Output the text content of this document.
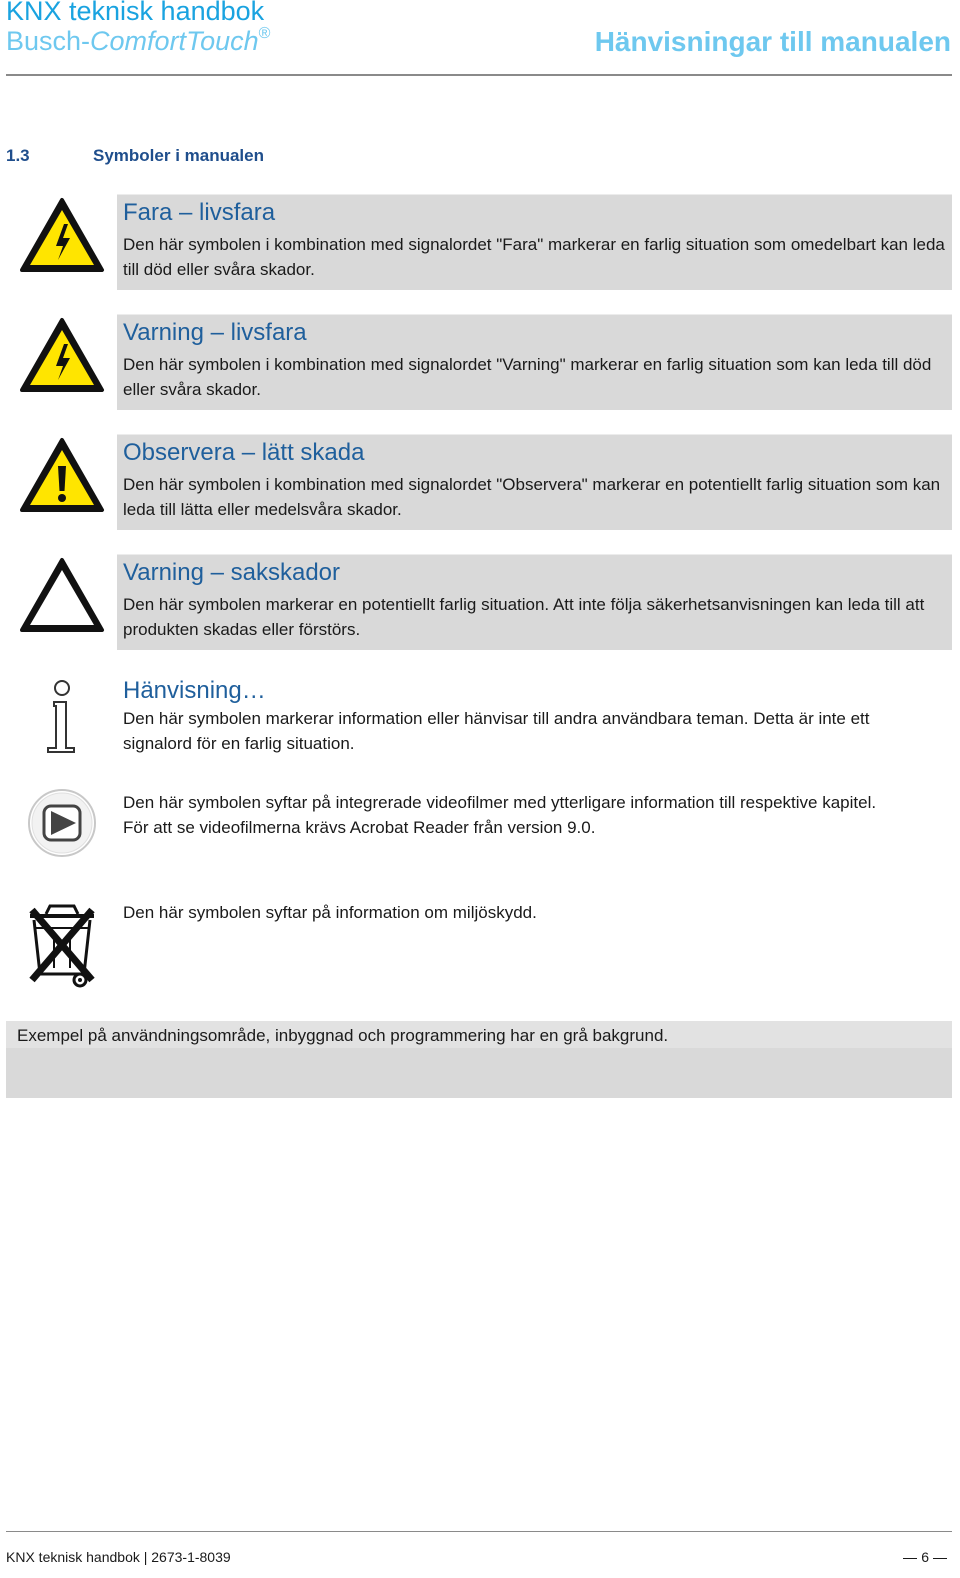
KNX teknisk handbok
Busch-ComfortTouch®	Hänvisningar till manualen
1.3	Symboler i manualen
Fara – livsfara
Den här symbolen i kombination med signalordet "Fara" markerar en farlig situation som omedelbart kan leda till död eller svåra skador.
Varning – livsfara
Den här symbolen i kombination med signalordet "Varning" markerar en farlig situation som kan leda till död eller svåra skador.
Observera – lätt skada
Den här symbolen i kombination med signalordet "Observera" markerar en potentiellt farlig situation som kan leda till lätta eller medelsvåra skador.
Varning – sakskador
Den här symbolen markerar en potentiellt farlig situation. Att inte följa säkerhetsanvisningen kan leda till att produkten skadas eller förstörs.
Hänvisning…
Den här symbolen markerar information eller hänvisar till andra användbara teman. Detta är inte ett signalord för en farlig situation.
Den här symbolen syftar på integrerade videofilmer med ytterligare information till respektive kapitel.
För att se videofilmerna krävs Acrobat Reader från version 9.0.
Den här symbolen syftar på information om miljöskydd.
Exempel på användningsområde, inbyggnad och programmering har en grå bakgrund.
KNX teknisk handbok | 2673-1-8039	6
